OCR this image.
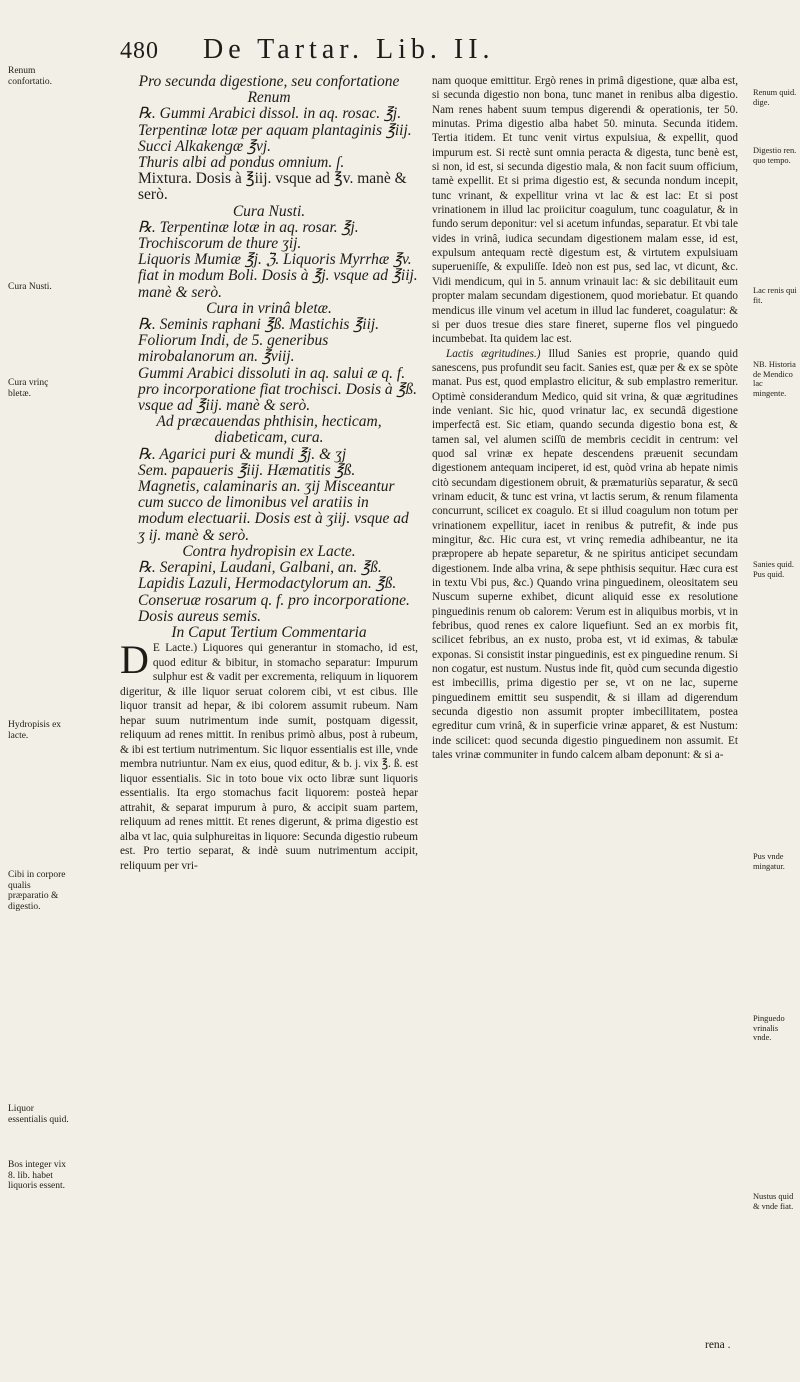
480 De Tartar. Lib. II.
Pro secunda digestione, seu confortatione Renum
℞. Gummi Arabici dissol. in aq. rosac. ℥j.
Terpentinæ lotæ per aquam plantaginis ℥iij.
Succi Alkakengæ ℥vj.
Thuris albi ad pondus omnium. ſ.
Mixtura. Dosis à ℥iij. vsque ad ℥v. manè & serò.
Cura Nusti.
℞. Terpentinæ lotæ in aq. rosar. ℥j.
Trochiscorum de thure ʒij.
Liquoris Mumiæ ℥j. ℨ. Liquoris Myrrhæ ℥v. fiat in modum Boli. Dosis à ℥j. vsque ad ℥iij. manè & serò.
Cura in vrinâ bletæ.
℞. Seminis raphani ℥ß. Mastichis ℥iij. Foliorum Indi, de 5. generibus mirobalanorum an. ℥viij.
Gummi Arabici dissoluti in aq. salui æ q. f. pro incorporatione fiat trochisci. Dosis à ℥ß. vsque ad ℥iij. manè & serò.
Ad præcauendas phthisin, hecticam, diabeticam, cura.
℞. Agarici puri & mundi ℥j. & ʒj
Sem. papaueris ℥iij. Hæmatitis ℥ß. Magnetis, calaminaris an. ʒij Misceantur cum succo de limonibus vel aratiis in modum electuarii. Dosis est à ʒiij. vsque ad ʒ ij. manè & serò.
Contra hydropisin ex Lacte.
℞. Serapini, Laudani, Galbani, an. ℥ß. Lapidis Lazuli, Hermodactylorum an. ℥ß.
Conseruæ rosarum q. f. pro incorporatione. Dosis aureus semis.
In Caput Tertium Commentaria
D E Lacte.) Liquores qui generantur in stomacho, id est, quod editur & bibitur, in stomacho separatur: Impurum sulphur est & vadit per excrementa, reliquum in liquorem digeritur, & ille liquor seruat colorem cibi, vt est cibus. Ille liquor transit ad hepar, & ibi colorem assumit rubeum. Nam hepar suum nutrimentum inde sumit, postquam digessit, reliquum ad renes mittit. In renibus primò albus, post à rubeum, & ibi est tertium nutrimentum. Sic liquor essentialis est ille, vnde membra nutriuntur. Nam ex eius, quod editur, & b. j. vix ℥. ß. est liquor essentialis. Sic in toto boue vix octo libræ sunt liquoris essentialis. Ita ergo stomachus facit liquorem: posteà hepar attrahit, & separat impurum à puro, & accipit suam partem, reliquum ad renes mittit. Et renes digerunt, & prima digestio est alba vt lac, quia sulphureitas in liquore: Secunda digestio rubeum est. Pro tertio separat, & indè suum nutrimentum accipit, reliquum per vri-
nam quoque emittitur. Ergò renes in primâ digestione, quæ alba est, si secunda digestio non bona, tunc manet in renibus alba digestio. Nam renes habent suum tempus digerendi & operationis, ter 50. minutas. Prima digestio alba habet 50. minuta. Secunda itidem. Tertia itidem. Et tunc venit virtus expulsiua, & expellit, quod impurum est. Si rectè sunt omnia peracta & digesta, tunc benè est, si non, id est, si secunda digestio mala, & non facit suum officium, tamè expellit. Et si prima digestio est, & secunda nondum incepit, tunc vrinant, & expellitur vrina vt lac & est lac: Et si post vrinationem in illud lac proiicitur coagulum, tunc coagulatur, & in fundo serum deponitur: vel si acetum infundas, separatur. Et vbi tale vides in vrinâ, iudica secundam digestionem malam esse, id est, expulsum antequam rectè digestum est, & virtutem expulsiuam superueniſſe, & expuliſſe. Ideò non est pus, sed lac, vt dicunt, &c. Vidi mendicum, qui in 5. annum vrinauit lac: & sic debilitauit eum propter malam secundam digestionem, quod moriebatur. Et quando mendicus ille vinum vel acetum in illud lac funderet, coagulatur: & si per duos tresue dies stare fineret, superne flos vel pinguedo incumbebat. Ita quidem lac est.
Lactis ægritudines.) Illud Sanies est proprie, quando quid sanescens, pus profundit seu facit. Sanies est, quæ per & ex se spòte manat. Pus est, quod emplastro elicitur, & sub emplastro remeritur. Optimè considerandum Medico, quid sit vrina, & quæ ægritudines inde veniant. Sic hic, quod vrinatur lac, ex secundâ digestione imperfectâ est. Sic etiam, quando secunda digestio bona est, & tamen sal, vel alumen sciſſū de membris cecidit in centrum: vel quod sal vrinæ ex hepate descendens præuenit secundam digestionem antequam inciperet, id est, quòd vrina ab hepate nimis citò secundam digestionem obruit, & præmaturiùs separatur, & secū vrinam educit, & tunc est vrina, vt lactis serum, & renum filamenta concurrunt, scilicet ex coagulo. Et si illud coagulum non totum per vrinationem expellitur, iacet in renibus & putrefit, & inde pus mingitur, &c. Hic cura est, vt vrinç remedia adhibeantur, ne ita præpropere ab hepate separetur, & ne spiritus anticipet secundam digestionem. Inde alba vrina, & sepe phthisis sequitur. Hæc cura est in textu Vbi pus, &c.) Quando vrina pinguedinem, oleositatem seu Nuscum superne exhibet, dicunt aliquid esse ex resolutione pinguedinis renum ob calorem: Verum est in aliquibus morbis, vt in febribus, quod renes ex calore liquefiunt. Sed an ex morbis fit, scilicet febribus, an ex nusto, proba est, vt id eximas, & tabulæ exponas. Si consistit instar pinguedinis, est ex pinguedine renum. Si non cogatur, est nustum. Nustus inde fit, quòd cum secunda digestio est imbecillis, prima digestio per se, vt on ne lac, superne pinguedinem emittit seu suspendit, & si illam ad digerendum secunda digestio non assumit propter imbecillitatem, postea egreditur cum vrinâ, & in superficie vrinæ apparet, & est Nustum: inde scilicet: quod secunda digestio pinguedinem non assumit. Et tales vrinæ communiter in fundo calcem albam deponunt: & si a-
Renum confortatio.
Cura Nusti.
Cura vrinç bletæ.
Hydropisis ex lacte.
Cibi in corpore qualis præparatio & digestio.
Liquor essentialis quid.
Bos integer vix 8. lib. habet liquoris essent.
Renum quid. dige.
Digestio ren. quo tempo.
Lac renis qui fit.
NB. Historia de Mendico lac mingente.
Sanies quid. Pus quid.
Pus vnde mingatur.
Pinguedo vrinalis vnde.
Nustus quid & vnde fiat.
rena .
